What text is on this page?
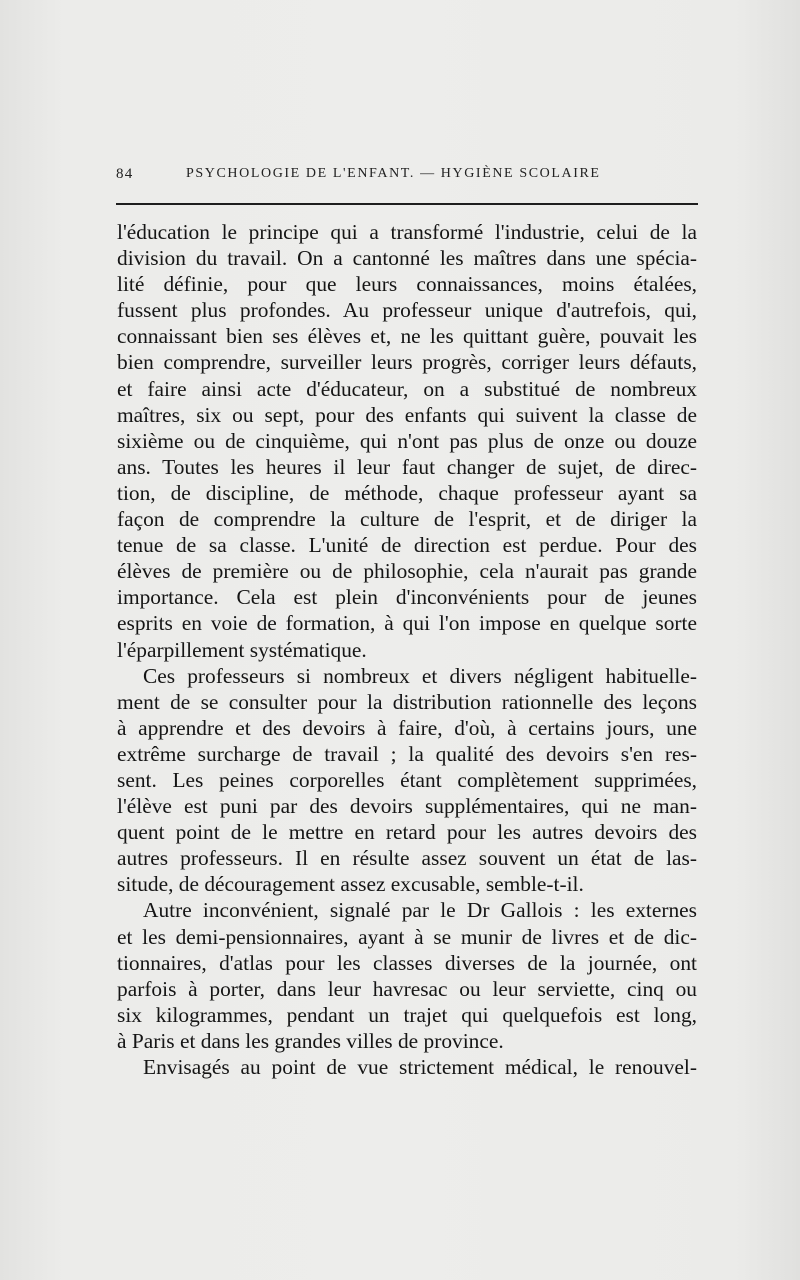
84	PSYCHOLOGIE DE L'ENFANT. — HYGIÈNE SCOLAIRE
l'éducation le principe qui a transformé l'industrie, celui de la
division du travail. On a cantonné les maîtres dans une spécia-
lité définie, pour que leurs connaissances, moins étalées,
fussent plus profondes. Au professeur unique d'autrefois, qui,
connaissant bien ses élèves et, ne les quittant guère, pouvait les
bien comprendre, surveiller leurs progrès, corriger leurs défauts,
et faire ainsi acte d'éducateur, on a substitué de nombreux
maîtres, six ou sept, pour des enfants qui suivent la classe de
sixième ou de cinquième, qui n'ont pas plus de onze ou douze
ans. Toutes les heures il leur faut changer de sujet, de direc-
tion, de discipline, de méthode, chaque professeur ayant sa
façon de comprendre la culture de l'esprit, et de diriger la
tenue de sa classe. L'unité de direction est perdue. Pour des
élèves de première ou de philosophie, cela n'aurait pas grande
importance. Cela est plein d'inconvénients pour de jeunes
esprits en voie de formation, à qui l'on impose en quelque sorte
l'éparpillement systématique.
Ces professeurs si nombreux et divers négligent habituelle-
ment de se consulter pour la distribution rationnelle des leçons
à apprendre et des devoirs à faire, d'où, à certains jours, une
extrême surcharge de travail ; la qualité des devoirs s'en res-
sent. Les peines corporelles étant complètement supprimées,
l'élève est puni par des devoirs supplémentaires, qui ne man-
quent point de le mettre en retard pour les autres devoirs des
autres professeurs. Il en résulte assez souvent un état de las-
situde, de découragement assez excusable, semble-t-il.
Autre inconvénient, signalé par le Dr Gallois : les externes
et les demi-pensionnaires, ayant à se munir de livres et de dic-
tionnaires, d'atlas pour les classes diverses de la journée, ont
parfois à porter, dans leur havresac ou leur serviette, cinq ou
six kilogrammes, pendant un trajet qui quelquefois est long,
à Paris et dans les grandes villes de province.
Envisagés au point de vue strictement médical, le renouvel-
